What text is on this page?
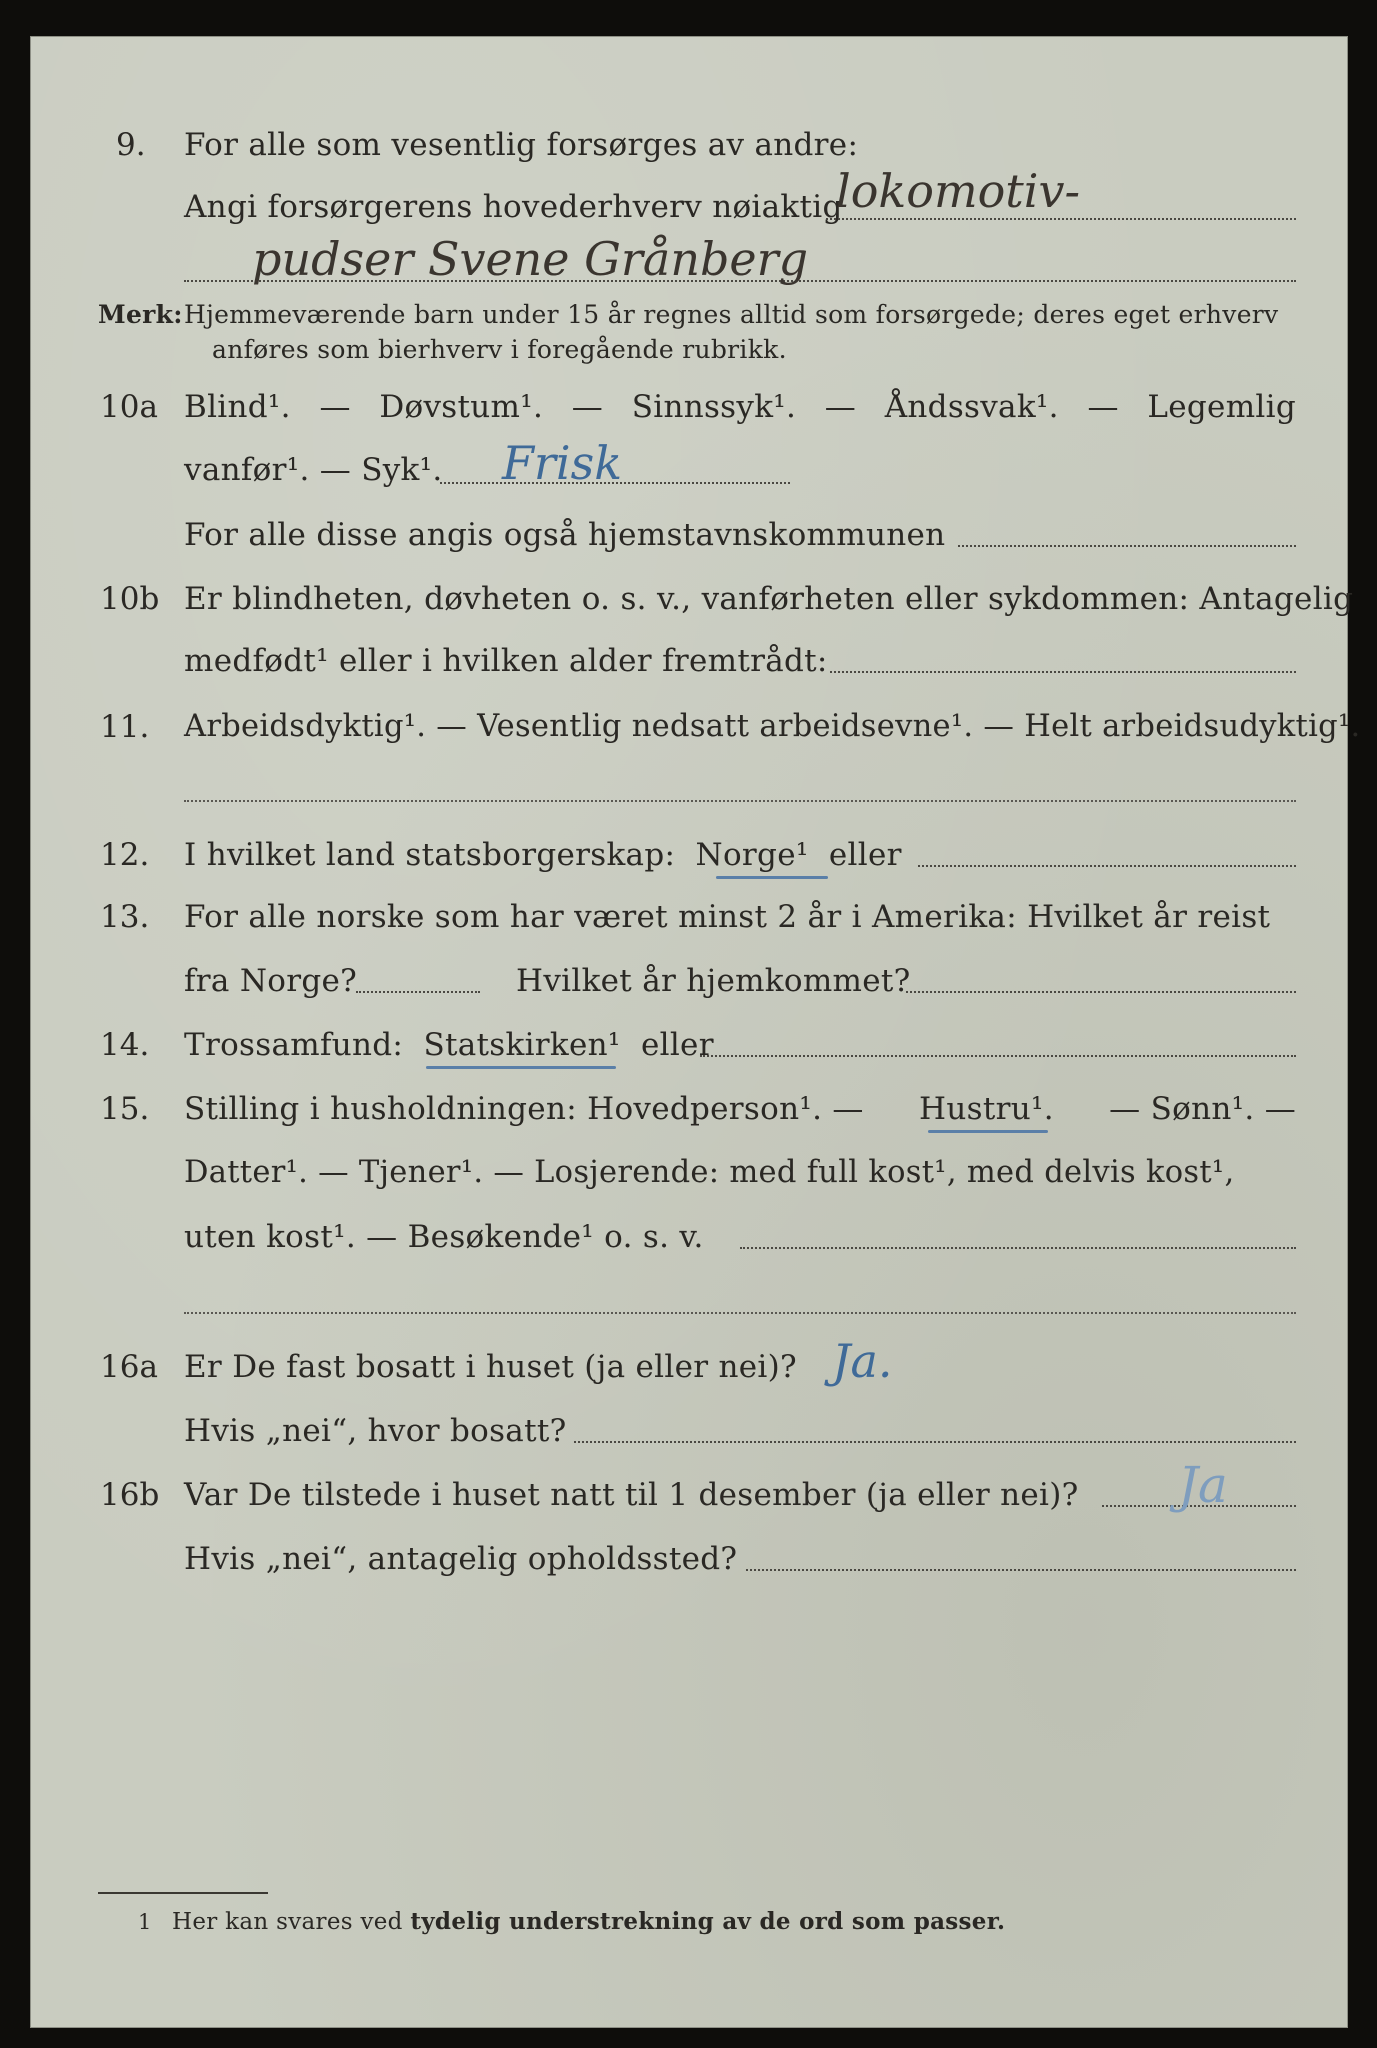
9. For alle som vesentlig forsørges av andre:
Angi forsørgerens hovederhverv nøiaktig
lokomotiv-
pudser Svene Grånberg
Merk: Hjemmeværende barn under 15 år regnes alltid som forsørgede; deres eget erhverv
anføres som bierhverv i foregående rubrikk.
10a Blind¹. — Døvstum¹. — Sinnssyk¹. — Åndssvak¹. — Legemlig
vanfør¹. — Syk¹. Frisk
For alle disse angis også hjemstavnskommunen
10b Er blindheten, døvheten o. s. v., vanførheten eller sykdommen: Antagelig
medfødt¹ eller i hvilken alder fremtrådt:
11. Arbeidsdyktig¹. — Vesentlig nedsatt arbeidsevne¹. — Helt arbeidsudyktig¹.
12. I hvilket land statsborgerskap: Norge¹ eller
13. For alle norske som har været minst 2 år i Amerika: Hvilket år reist
fra Norge?	Hvilket år hjemkommet?
14. Trossamfund: Statskirken¹ eller
15. Stilling i husholdningen: Hovedperson¹. — Hustru¹. — Sønn¹. —
Datter¹. — Tjener¹. — Losjerende: med full kost¹, med delvis kost¹,
uten kost¹. — Besøkende¹ o. s. v.
16a Er De fast bosatt i huset (ja eller nei)? Ja.
Hvis „nei“, hvor bosatt?
16b Var De tilstede i huset natt til 1 desember (ja eller nei)? Ja
Hvis „nei“, antagelig opholdssted?
1 Her kan svares ved tydelig understrekning av de ord som passer.
